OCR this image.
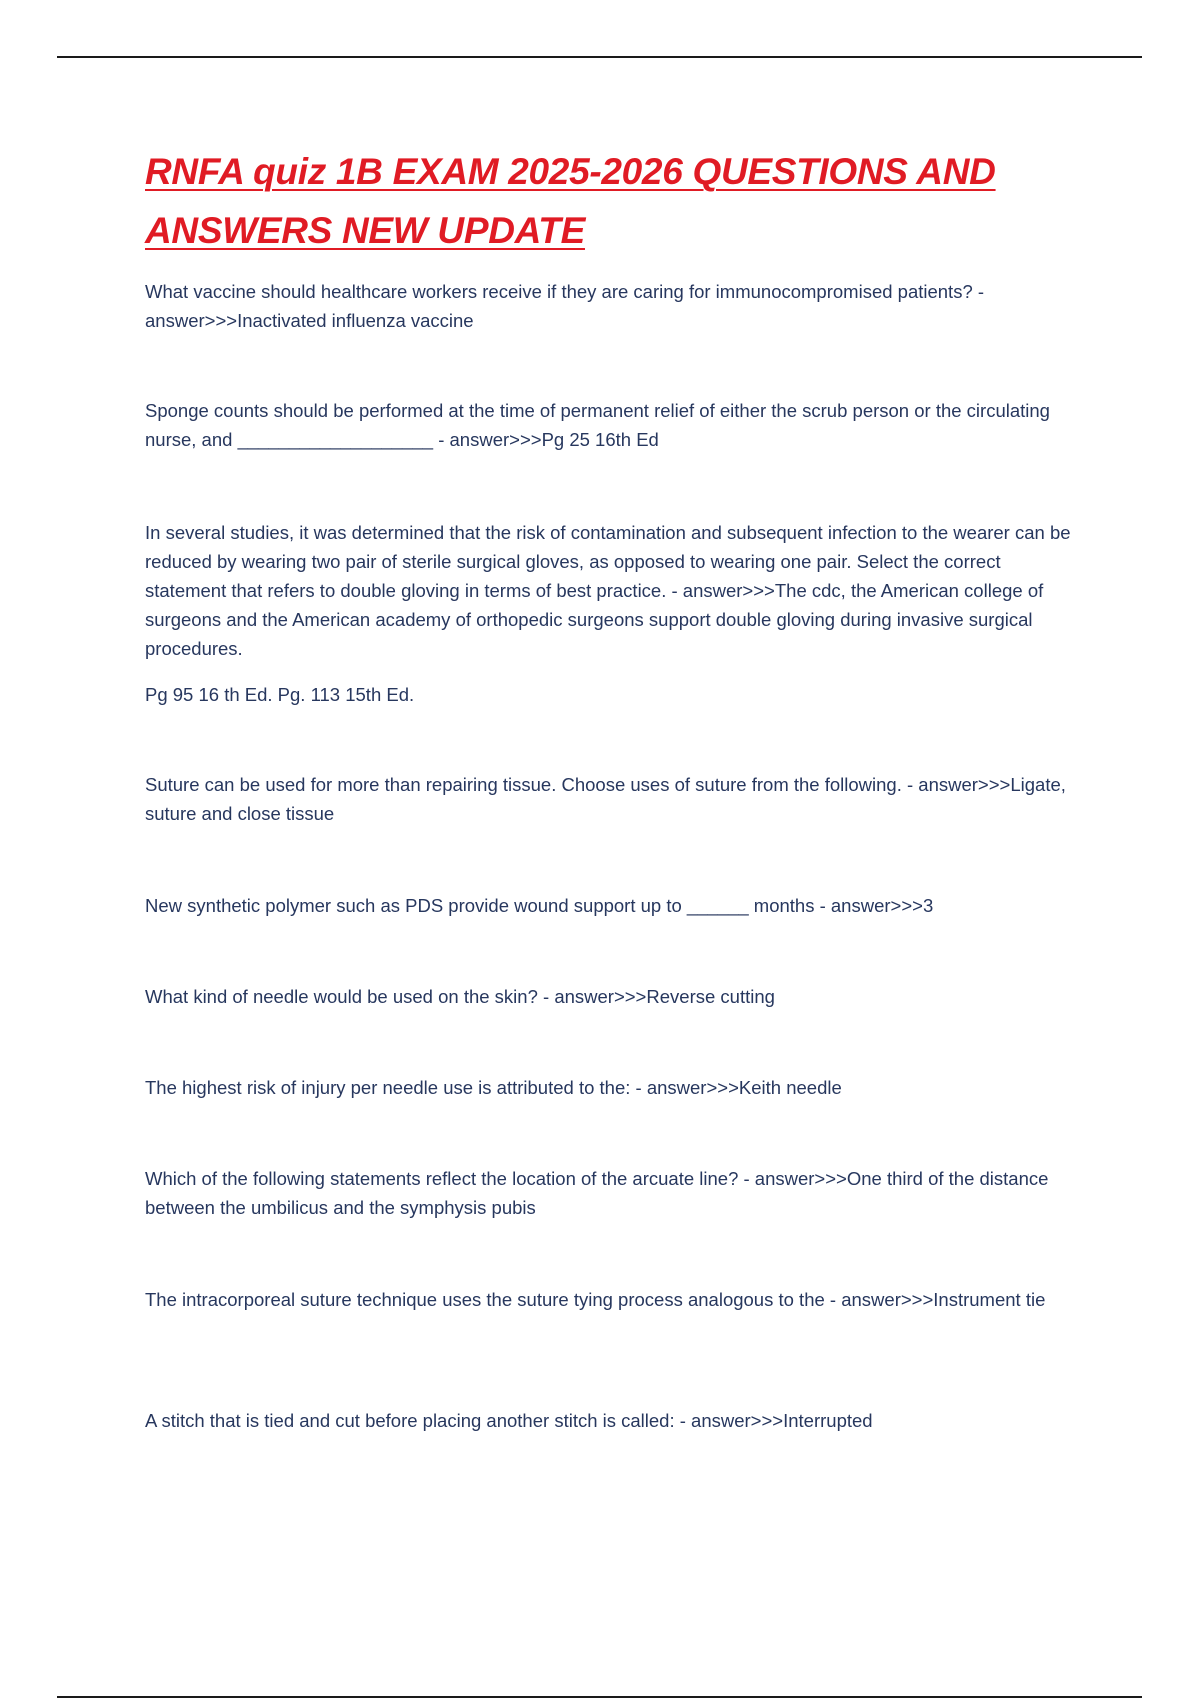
RNFA quiz 1B EXAM 2025-2026 QUESTIONS AND ANSWERS NEW UPDATE

What vaccine should healthcare workers receive if they are caring for immunocompromised patients? - answer>>>Inactivated influenza vaccine

Sponge counts should be performed at the time of permanent relief of either the scrub person or the circulating nurse, and ___________________ - answer>>>Pg 25 16th Ed

In several studies, it was determined that the risk of contamination and subsequent infection to the wearer can be reduced by wearing two pair of sterile surgical gloves, as opposed to wearing one pair. Select the correct statement that refers to double gloving in terms of best practice. - answer>>>The cdc, the American college of surgeons and the American academy of orthopedic surgeons support double gloving during invasive surgical procedures.

Pg 95 16 th Ed. Pg. 113 15th Ed.

Suture can be used for more than repairing tissue. Choose uses of suture from the following. - answer>>>Ligate, suture and close tissue

New synthetic polymer such as PDS provide wound support up to ______ months - answer>>>3

What kind of needle would be used on the skin? - answer>>>Reverse cutting

The highest risk of injury per needle use is attributed to the: - answer>>>Keith needle

Which of the following statements reflect the location of the arcuate line? - answer>>>One third of the distance between the umbilicus and the symphysis pubis

The intracorporeal suture technique uses the suture tying process analogous to the - answer>>>Instrument tie

A stitch that is tied and cut before placing another stitch is called: - answer>>>Interrupted
